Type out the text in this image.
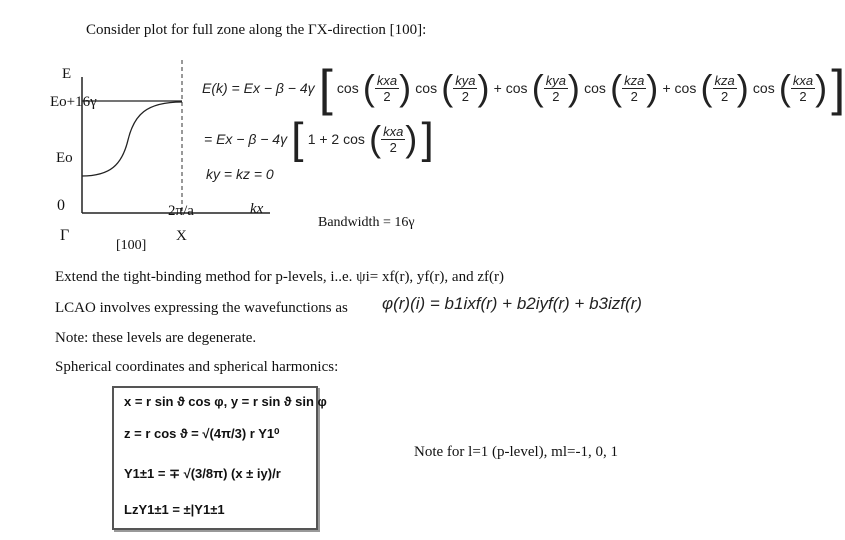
Consider plot for full zone along the ΓX-direction [100]:
E
Eo+16γ
Eo
0	2π/a	kx
Γ	X
[100]
E(k) = Ex − β − 4γ [ cos ( $\frac{\text{kxa}}{2}$ ) cos ( $\frac{\text{kya}}{2}$ ) + cos ( $\frac{\text{kya}}{2}$ ) cos ( $\frac{\text{kza}}{2}$ ) + cos ( $\frac{\text{kza}}{2}$ ) cos ( $\frac{\text{kxa}}{2}$ ) ]
= Ex − β − 4γ [ 1 + 2 cos ( $\frac{\text{kxa}}{2}$ ) ]
ky = kz = 0
Bandwidth = 16γ
Extend the tight-binding method for p-levels, i..e. ψi= xf(r), yf(r), and zf(r)
LCAO involves expressing the wavefunctions as φ(r)(i) = b1ixf(r) + b2iyf(r) + b3izf(r)
Note: these levels are degenerate.
Spherical coordinates and spherical harmonics:
x = r sin ϑ cos φ, y = r sin ϑ sin φ
z = r cos ϑ = √(4π/3) r Y1⁰
Y1±1 = ∓ √(3/8π) (x ± iy)/r
LzY1±1 = ±|Y1±1
Note for l=1 (p-level), ml=-1, 0, 1
